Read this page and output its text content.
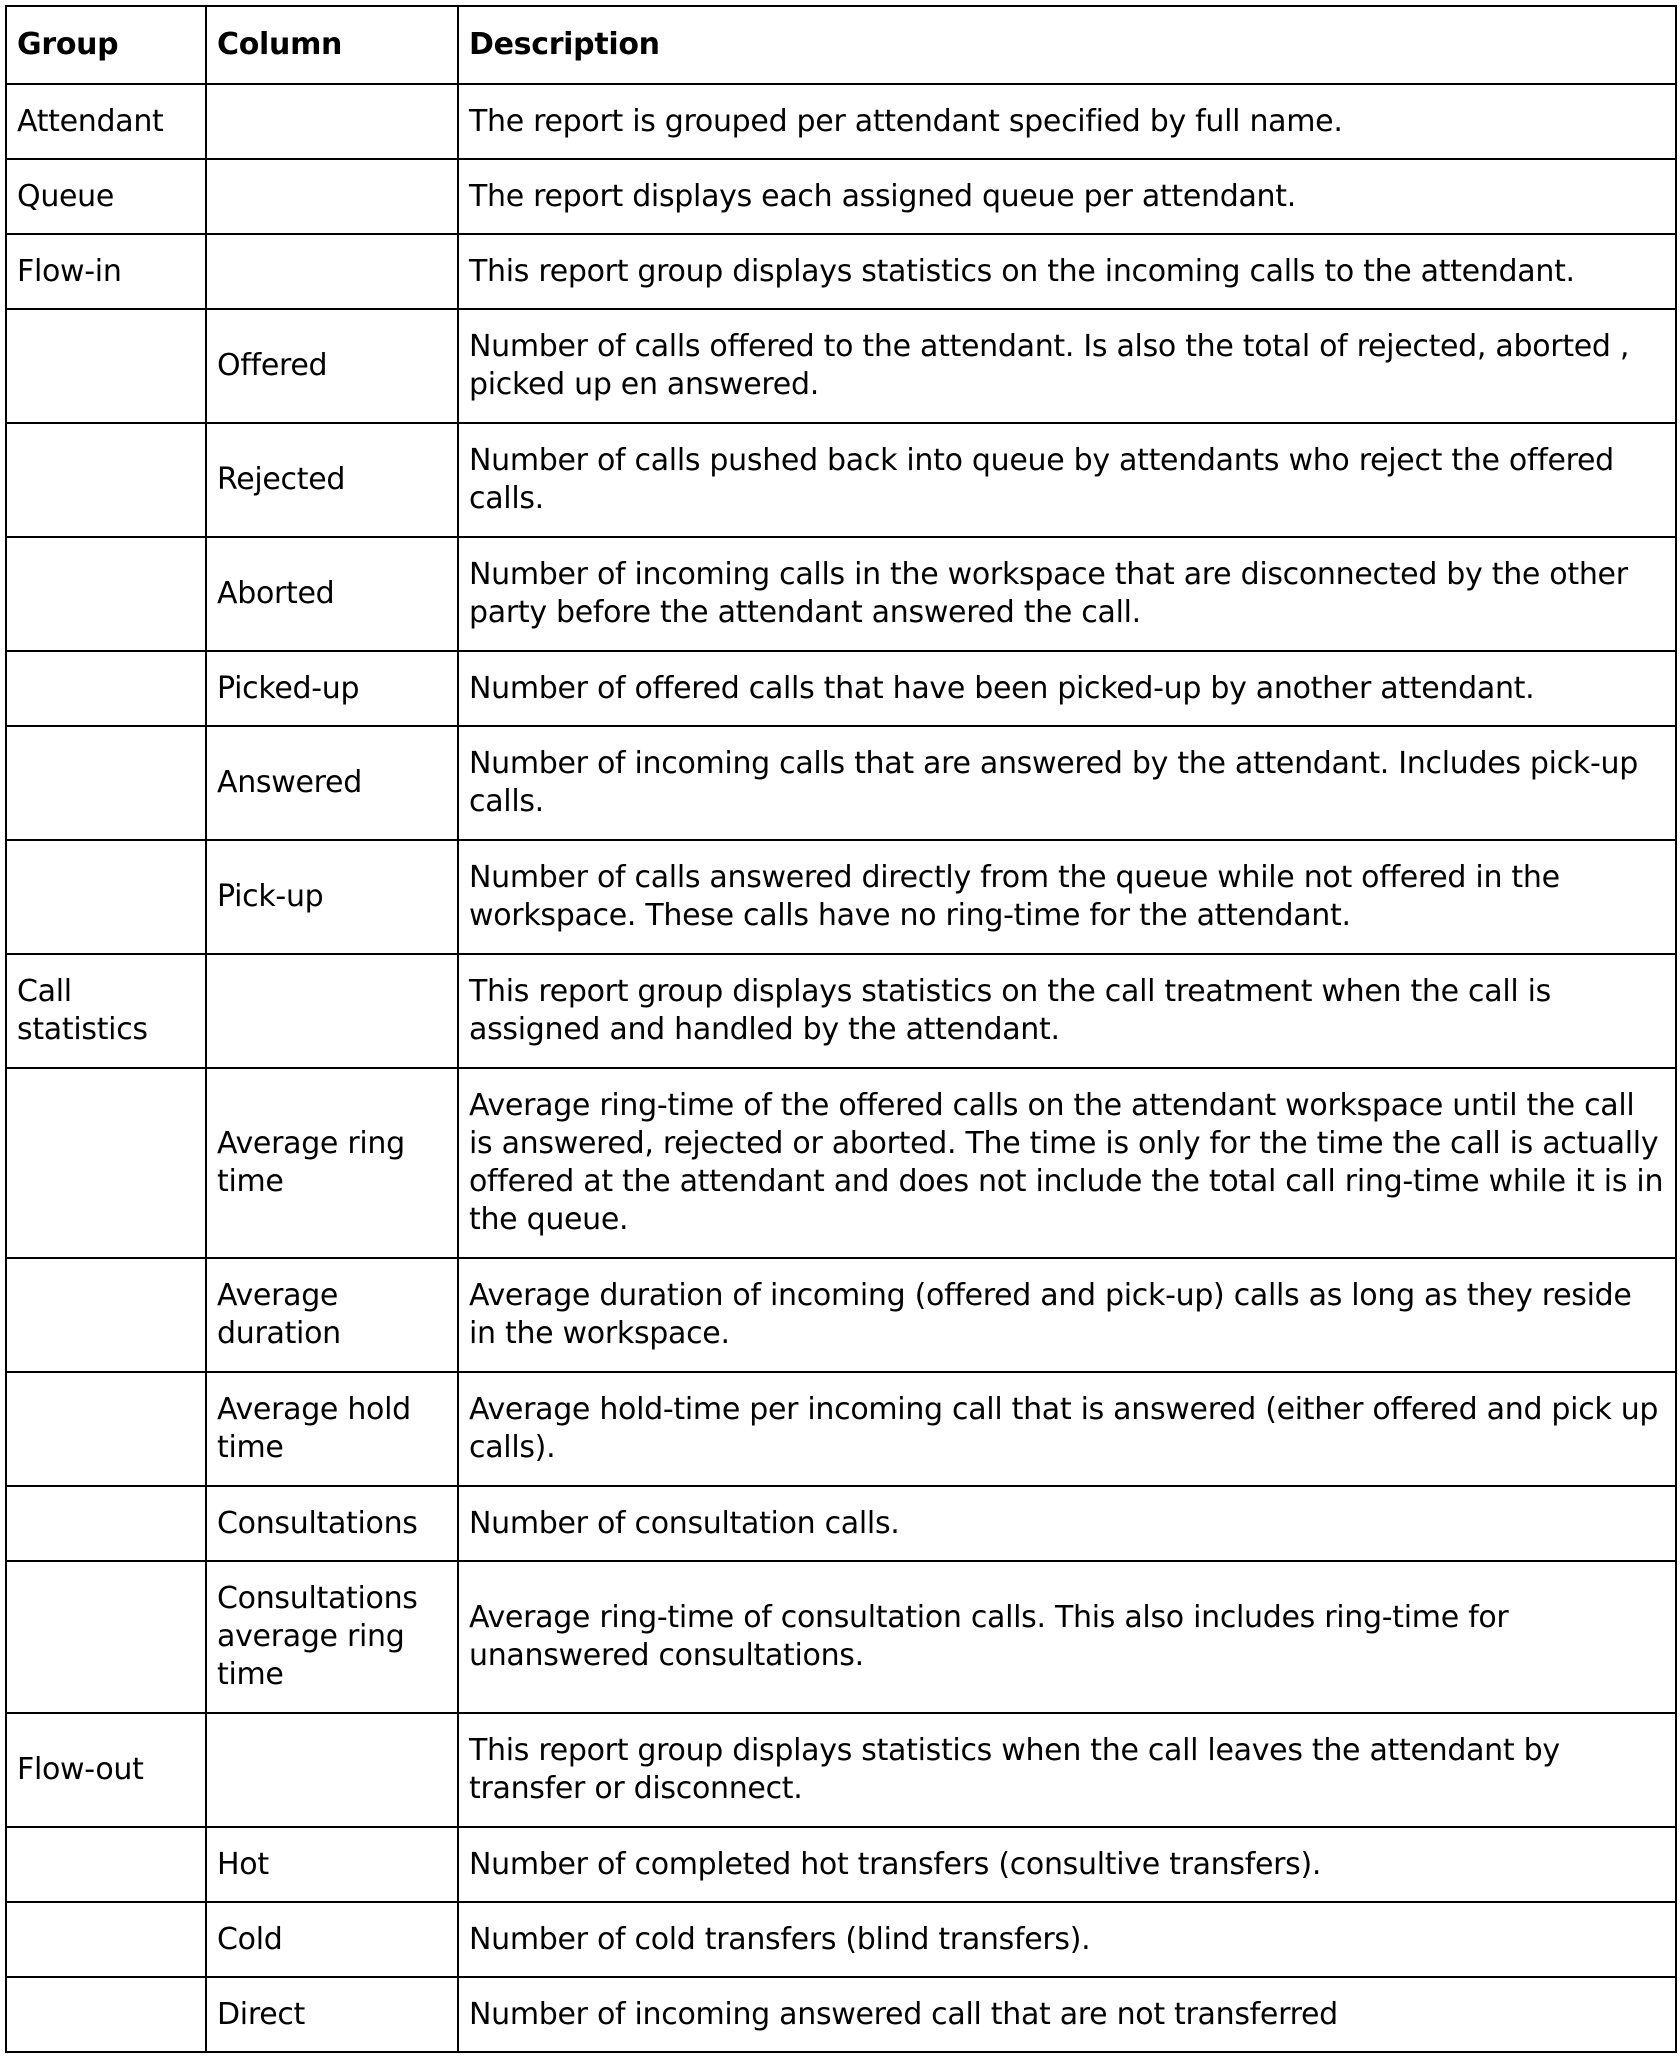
Group	Column	Description
Attendant		The report is grouped per attendant specified by full name.
Queue		The report displays each assigned queue per attendant.
Flow-in		This report group displays statistics on the incoming calls to the attendant.
	Offered	Number of calls offered to the attendant. Is also the total of rejected, aborted , picked up en answered.
	Rejected	Number of calls pushed back into queue by attendants who reject the offered calls.
	Aborted	Number of incoming calls in the workspace that are disconnected by the other party before the attendant answered the call.
	Picked-up	Number of offered calls that have been picked-up by another attendant.
	Answered	Number of incoming calls that are answered by the attendant. Includes pick-up calls.
	Pick-up	Number of calls answered directly from the queue while not offered in the workspace. These calls have no ring-time for the attendant.
Call statistics		This report group displays statistics on the call treatment when the call is assigned and handled by the attendant.
	Average ring time	Average ring-time of the offered calls on the attendant workspace until the call is answered, rejected or aborted. The time is only for the time the call is actually offered at the attendant and does not include the total call ring-time while it is in the queue.
	Average duration	Average duration of incoming (offered and pick-up) calls as long as they reside in the workspace.
	Average hold time	Average hold-time per incoming call that is answered (either offered and pick up calls).
	Consultations	Number of consultation calls.
	Consultations average ring time	Average ring-time of consultation calls. This also includes ring-time for unanswered consultations.
Flow-out		This report group displays statistics when the call leaves the attendant by transfer or disconnect.
	Hot	Number of completed hot transfers (consultive transfers).
	Cold	Number of cold transfers (blind transfers).
	Direct	Number of incoming answered call that are not transferred
